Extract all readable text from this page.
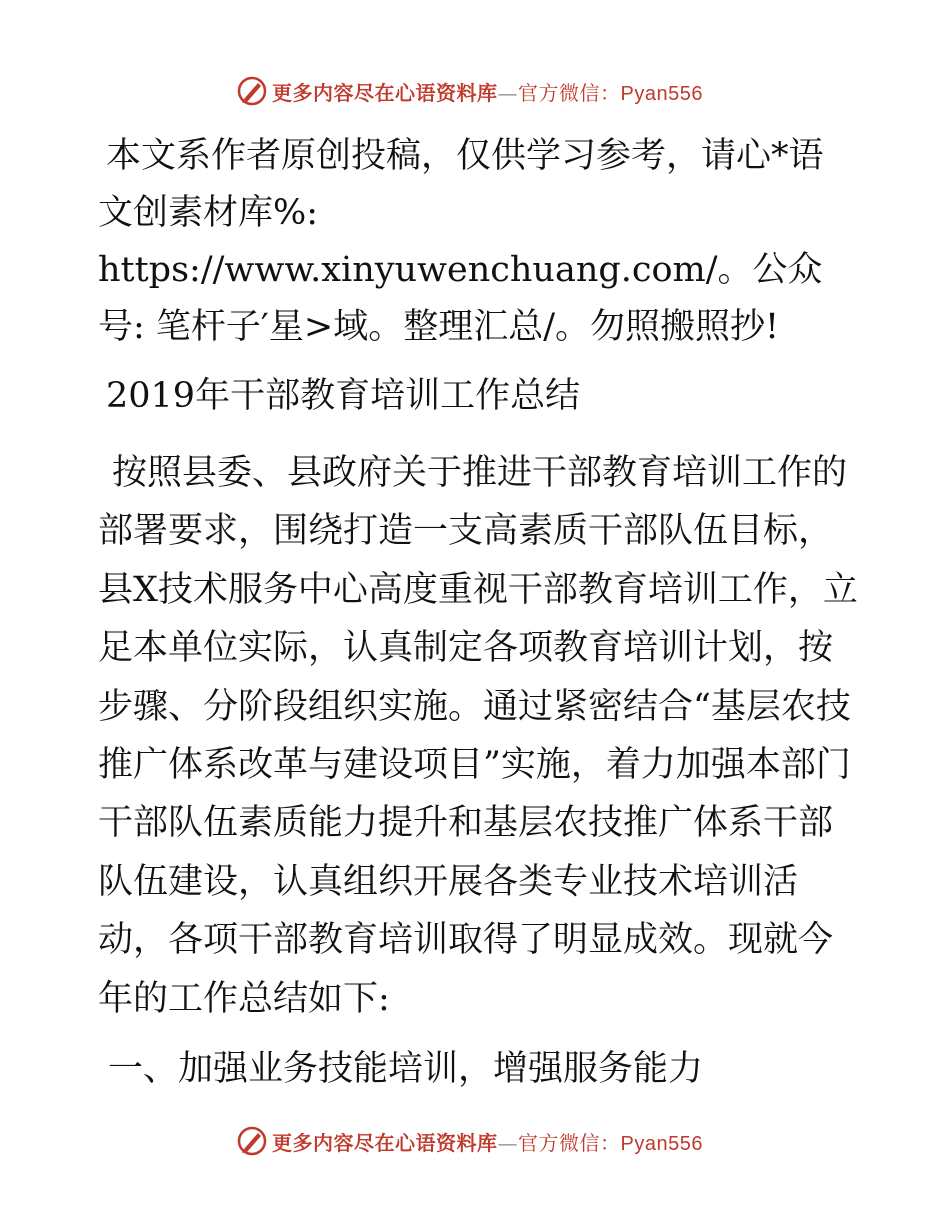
更多内容尽在心语资料库—官方微信：Pyan556

本文系作者原创投稿，仅供学习参考，请心*语文创素材库%: https://www.xinyuwenchuang.com/。公众号: 笔杆子′星>域。整理汇总/。勿照搬照抄!

2019年干部教育培训工作总结

按照县委、县政府关于推进干部教育培训工作的部署要求，围绕打造一支高素质干部队伍目标，县X技术服务中心高度重视干部教育培训工作，立足本单位实际，认真制定各项教育培训计划，按步骤、分阶段组织实施。通过紧密结合“基层农技推广体系改革与建设项目”实施，着力加强本部门干部队伍素质能力提升和基层农技推广体系干部队伍建设，认真组织开展各类专业技术培训活动，各项干部教育培训取得了明显成效。现就今年的工作总结如下:

一、加强业务技能培训，增强服务能力

更多内容尽在心语资料库—官方微信：Pyan556
